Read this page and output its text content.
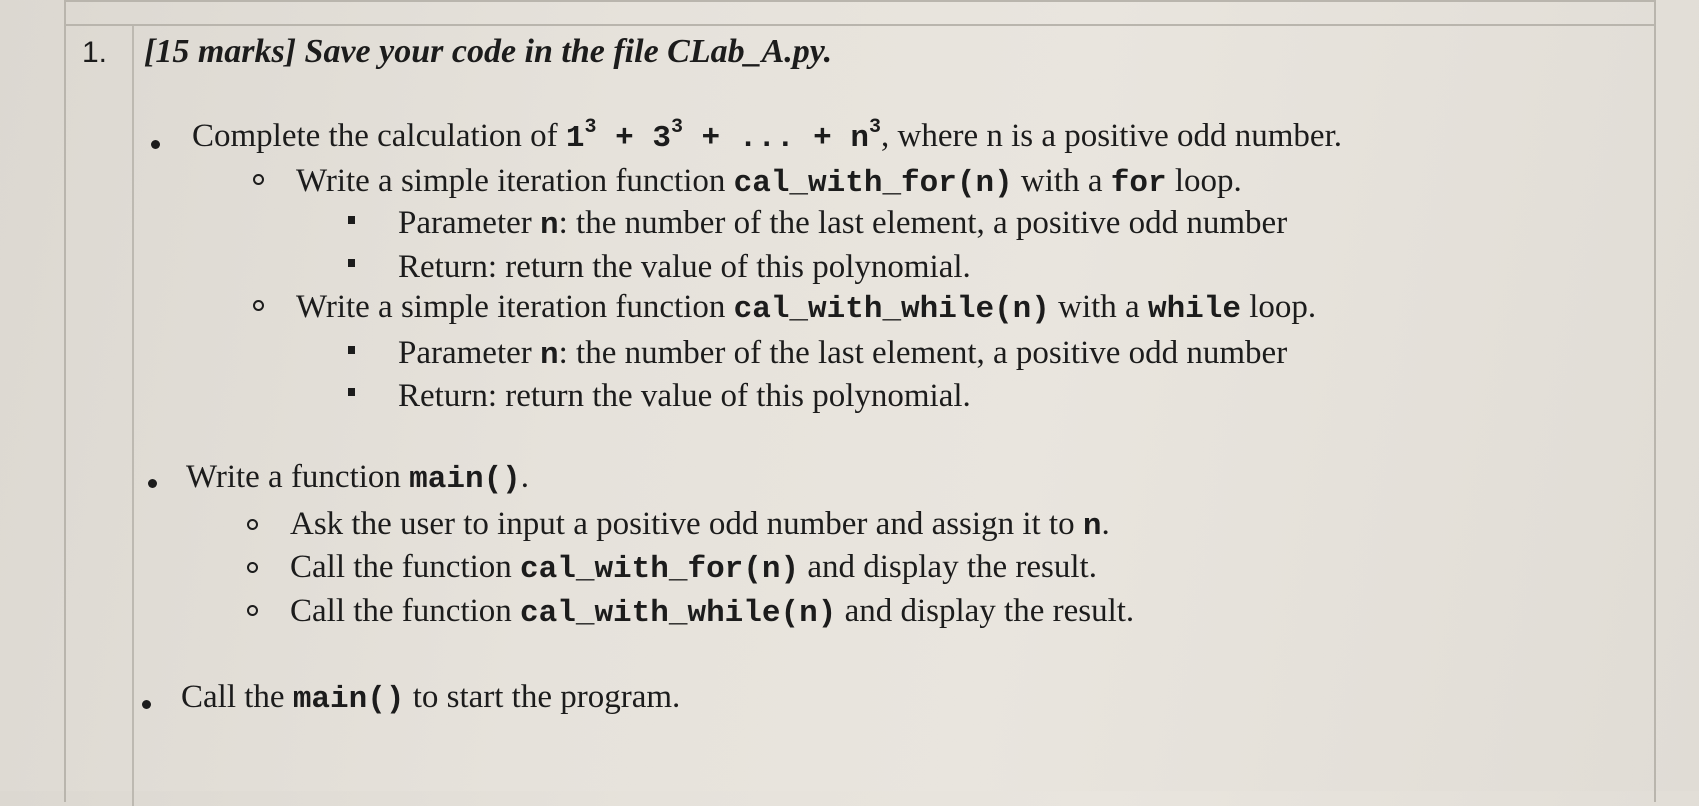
1. [15 marks] Save your code in the file CLab_A.py.
Complete the calculation of $1^3 + 3^3$ + ... + $n^3$, where n is a positive odd number.
Write a simple iteration function cal_with_for(n) with a for loop.
Parameter n: the number of the last element, a positive odd number
Return: return the value of this polynomial.
Write a simple iteration function cal_with_while(n) with a while loop.
Parameter n: the number of the last element, a positive odd number
Return: return the value of this polynomial.
Write a function main().
Ask the user to input a positive odd number and assign it to n.
Call the function cal_with_for(n) and display the result.
Call the function cal_with_while(n) and display the result.
Call the main() to start the program.
